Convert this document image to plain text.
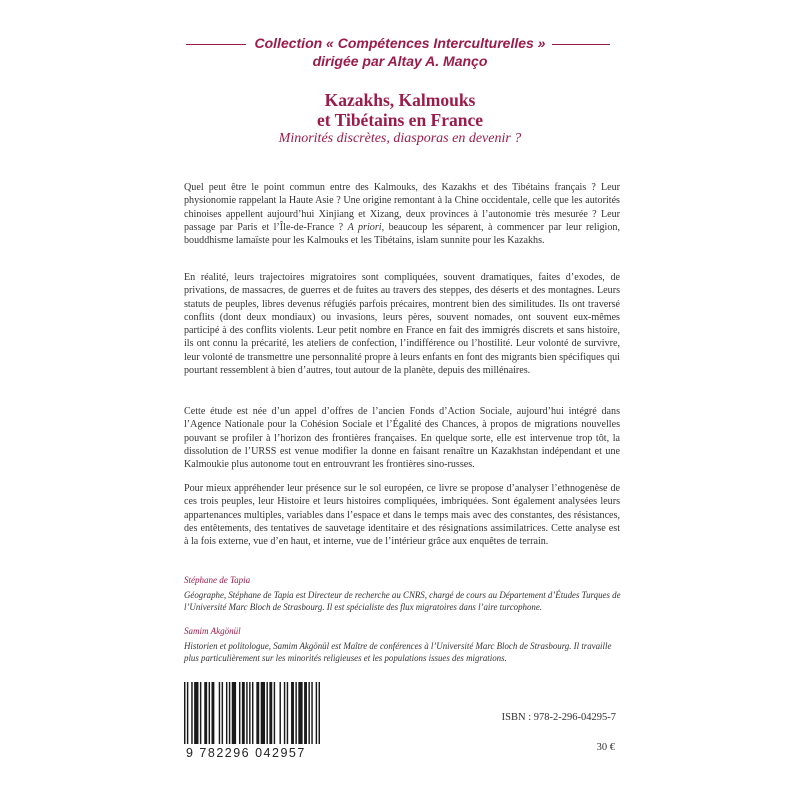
Collection « Compétences Interculturelles »
dirigée par Altay A. Manço
Kazakhs, Kalmouks
et Tibétains en France
Minorités discrètes, diasporas en devenir ?
Quel peut être le point commun entre des Kalmouks, des Kazakhs et des Tibétains français ? Leur physionomie rappelant la Haute Asie ? Une origine remontant à la Chine occidentale, celle que les autorités chinoises appellent aujourd’hui Xinjiang et Xizang, deux provinces à l’autonomie très mesurée ? Leur passage par Paris et l’Île-de-France ? A priori, beaucoup les séparent, à commencer par leur religion, bouddhisme lamaïste pour les Kalmouks et les Tibétains, islam sunnite pour les Kazakhs.
En réalité, leurs trajectoires migratoires sont compliquées, souvent dramatiques, faites d’exodes, de privations, de massacres, de guerres et de fuites au travers des steppes, des déserts et des montagnes. Leurs statuts de peuples, libres devenus réfugiés parfois précaires, montrent bien des similitudes. Ils ont traversé conflits (dont deux mondiaux) ou invasions, leurs pères, souvent nomades, ont souvent eux-mêmes participé à des conflits violents. Leur petit nombre en France en fait des immigrés discrets et sans histoire, ils ont connu la précarité, les ateliers de confection, l’indifférence ou l’hostilité. Leur volonté de survivre, leur volonté de transmettre une personnalité propre à leurs enfants en font des migrants bien spécifiques qui pourtant ressemblent à bien d’autres, tout autour de la planète, depuis des millénaires.
Cette étude est née d’un appel d’offres de l’ancien Fonds d’Action Sociale, aujourd’hui intégré dans l’Agence Nationale pour la Cohésion Sociale et l’Égalité des Chances, à propos de migrations nouvelles pouvant se profiler à l’horizon des frontières françaises. En quelque sorte, elle est intervenue trop tôt, la dissolution de l’URSS est venue modifier la donne en faisant renaître un Kazakhstan indépendant et une Kalmoukie plus autonome tout en entrouvrant les frontières sino-russes.
Pour mieux appréhender leur présence sur le sol européen, ce livre se propose d’analyser l’ethnogenèse de ces trois peuples, leur Histoire et leurs histoires compliquées, imbriquées. Sont également analysées leurs appartenances multiples, variables dans l’espace et dans le temps mais avec des constantes, des résistances, des entêtements, des tentatives de sauvetage identitaire et des résignations assimilatrices. Cette analyse est à la fois externe, vue d’en haut, et interne, vue de l’intérieur grâce aux enquêtes de terrain.
Stéphane de Tapia
Géographe, Stéphane de Tapia est Directeur de recherche au CNRS, chargé de cours au Département d’Études Turques de l’Université Marc Bloch de Strasbourg. Il est spécialiste des flux migratoires dans l’aire turcophone.
Samim Akgönül
Historien et politologue, Samim Akgönül est Maître de conférences à l’Université Marc Bloch de Strasbourg. Il travaille plus particulièrement sur les minorités religieuses et les populations issues des migrations.
9 782296 042957
ISBN : 978-2-296-04295-7
30 €
